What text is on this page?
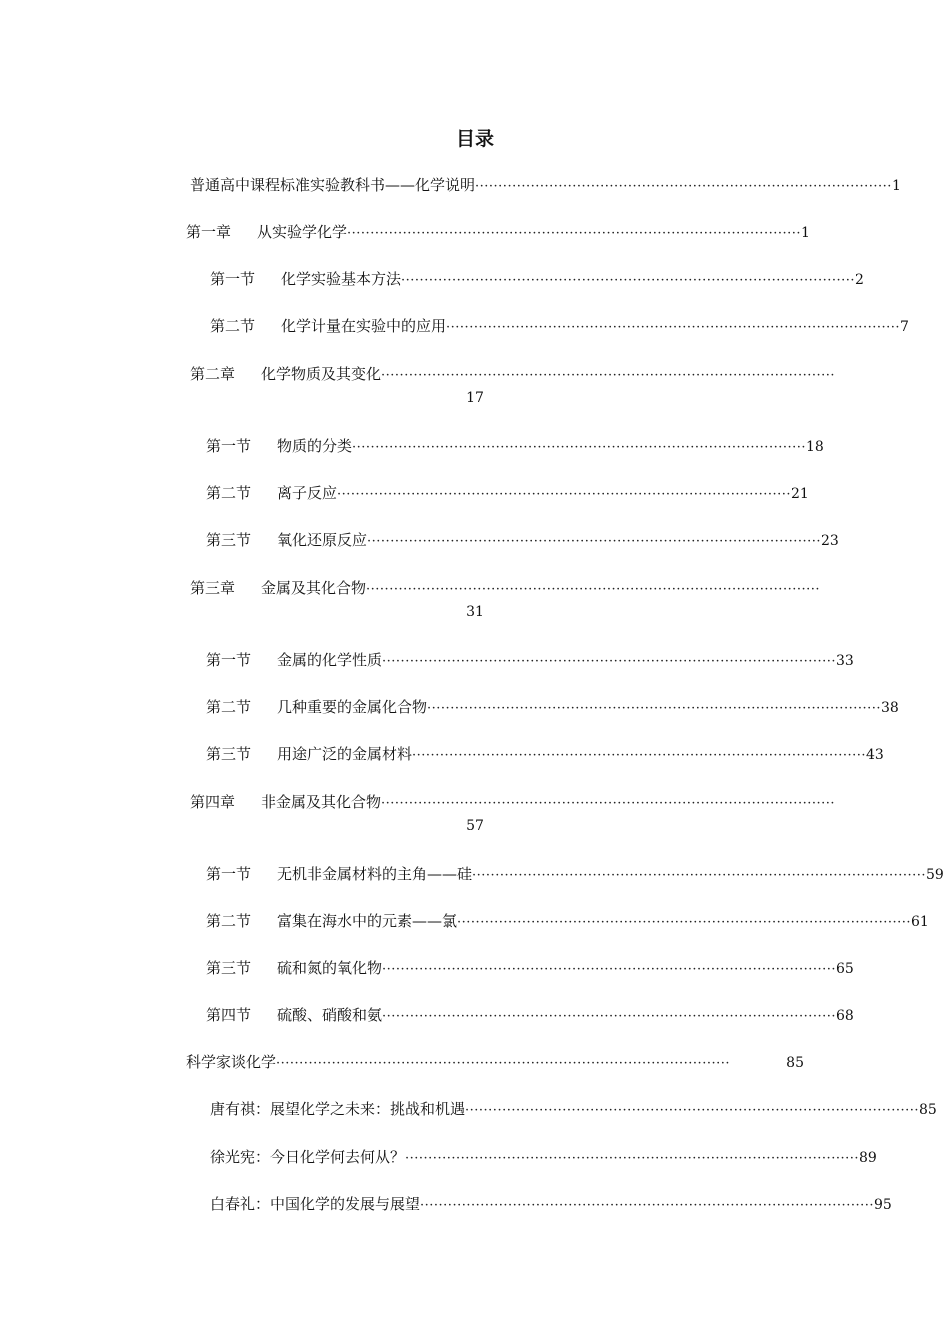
目录
普通高中课程标准实验教科书——化学说明 ·························································································· 1
第一章 从实验学化学 ·································································································· 1
第一节 化学实验基本方法 ·································································································· 2
第二节 化学计量在实验中的应用 ·································································································· 7
第二章 化学物质及其变化 ··································································································
17
第一节 物质的分类 ·································································································· 18
第二节 离子反应 ·································································································· 21
第三节 氧化还原反应 ·································································································· 23
第三章 金属及其化合物 ··································································································
31
第一节 金属的化学性质 ·································································································· 33
第二节 几种重要的金属化合物 ·································································································· 38
第三节 用途广泛的金属材料 ·································································································· 43
第四章 非金属及其化合物 ··································································································
57
第一节 无机非金属材料的主角——硅 ·································································································· 59
第二节 富集在海水中的元素——氯 ·································································································· 61
第三节 硫和氮的氧化物 ·································································································· 65
第四节 硫酸、硝酸和氨 ·································································································· 68
科学家谈化学 ··································································································	85
唐有祺：展望化学之未来：挑战和机遇 ·································································································· 85
徐光宪：今日化学何去何从？ ·································································································· 89
白春礼：中国化学的发展与展望 ·································································································· 95
